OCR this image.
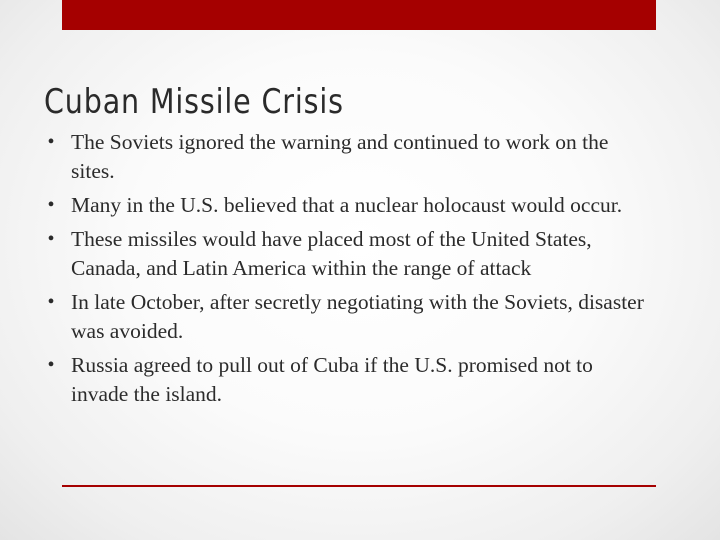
Cuban Missile Crisis
• The Soviets ignored the warning and continued to work on the sites.
• Many in the U.S. believed that a nuclear holocaust would occur.
• These missiles would have placed most of the United States, Canada, and Latin America within the range of attack
• In late October, after secretly negotiating with the Soviets, disaster was avoided.
• Russia agreed to pull out of Cuba if the U.S. promised not to invade the island.
